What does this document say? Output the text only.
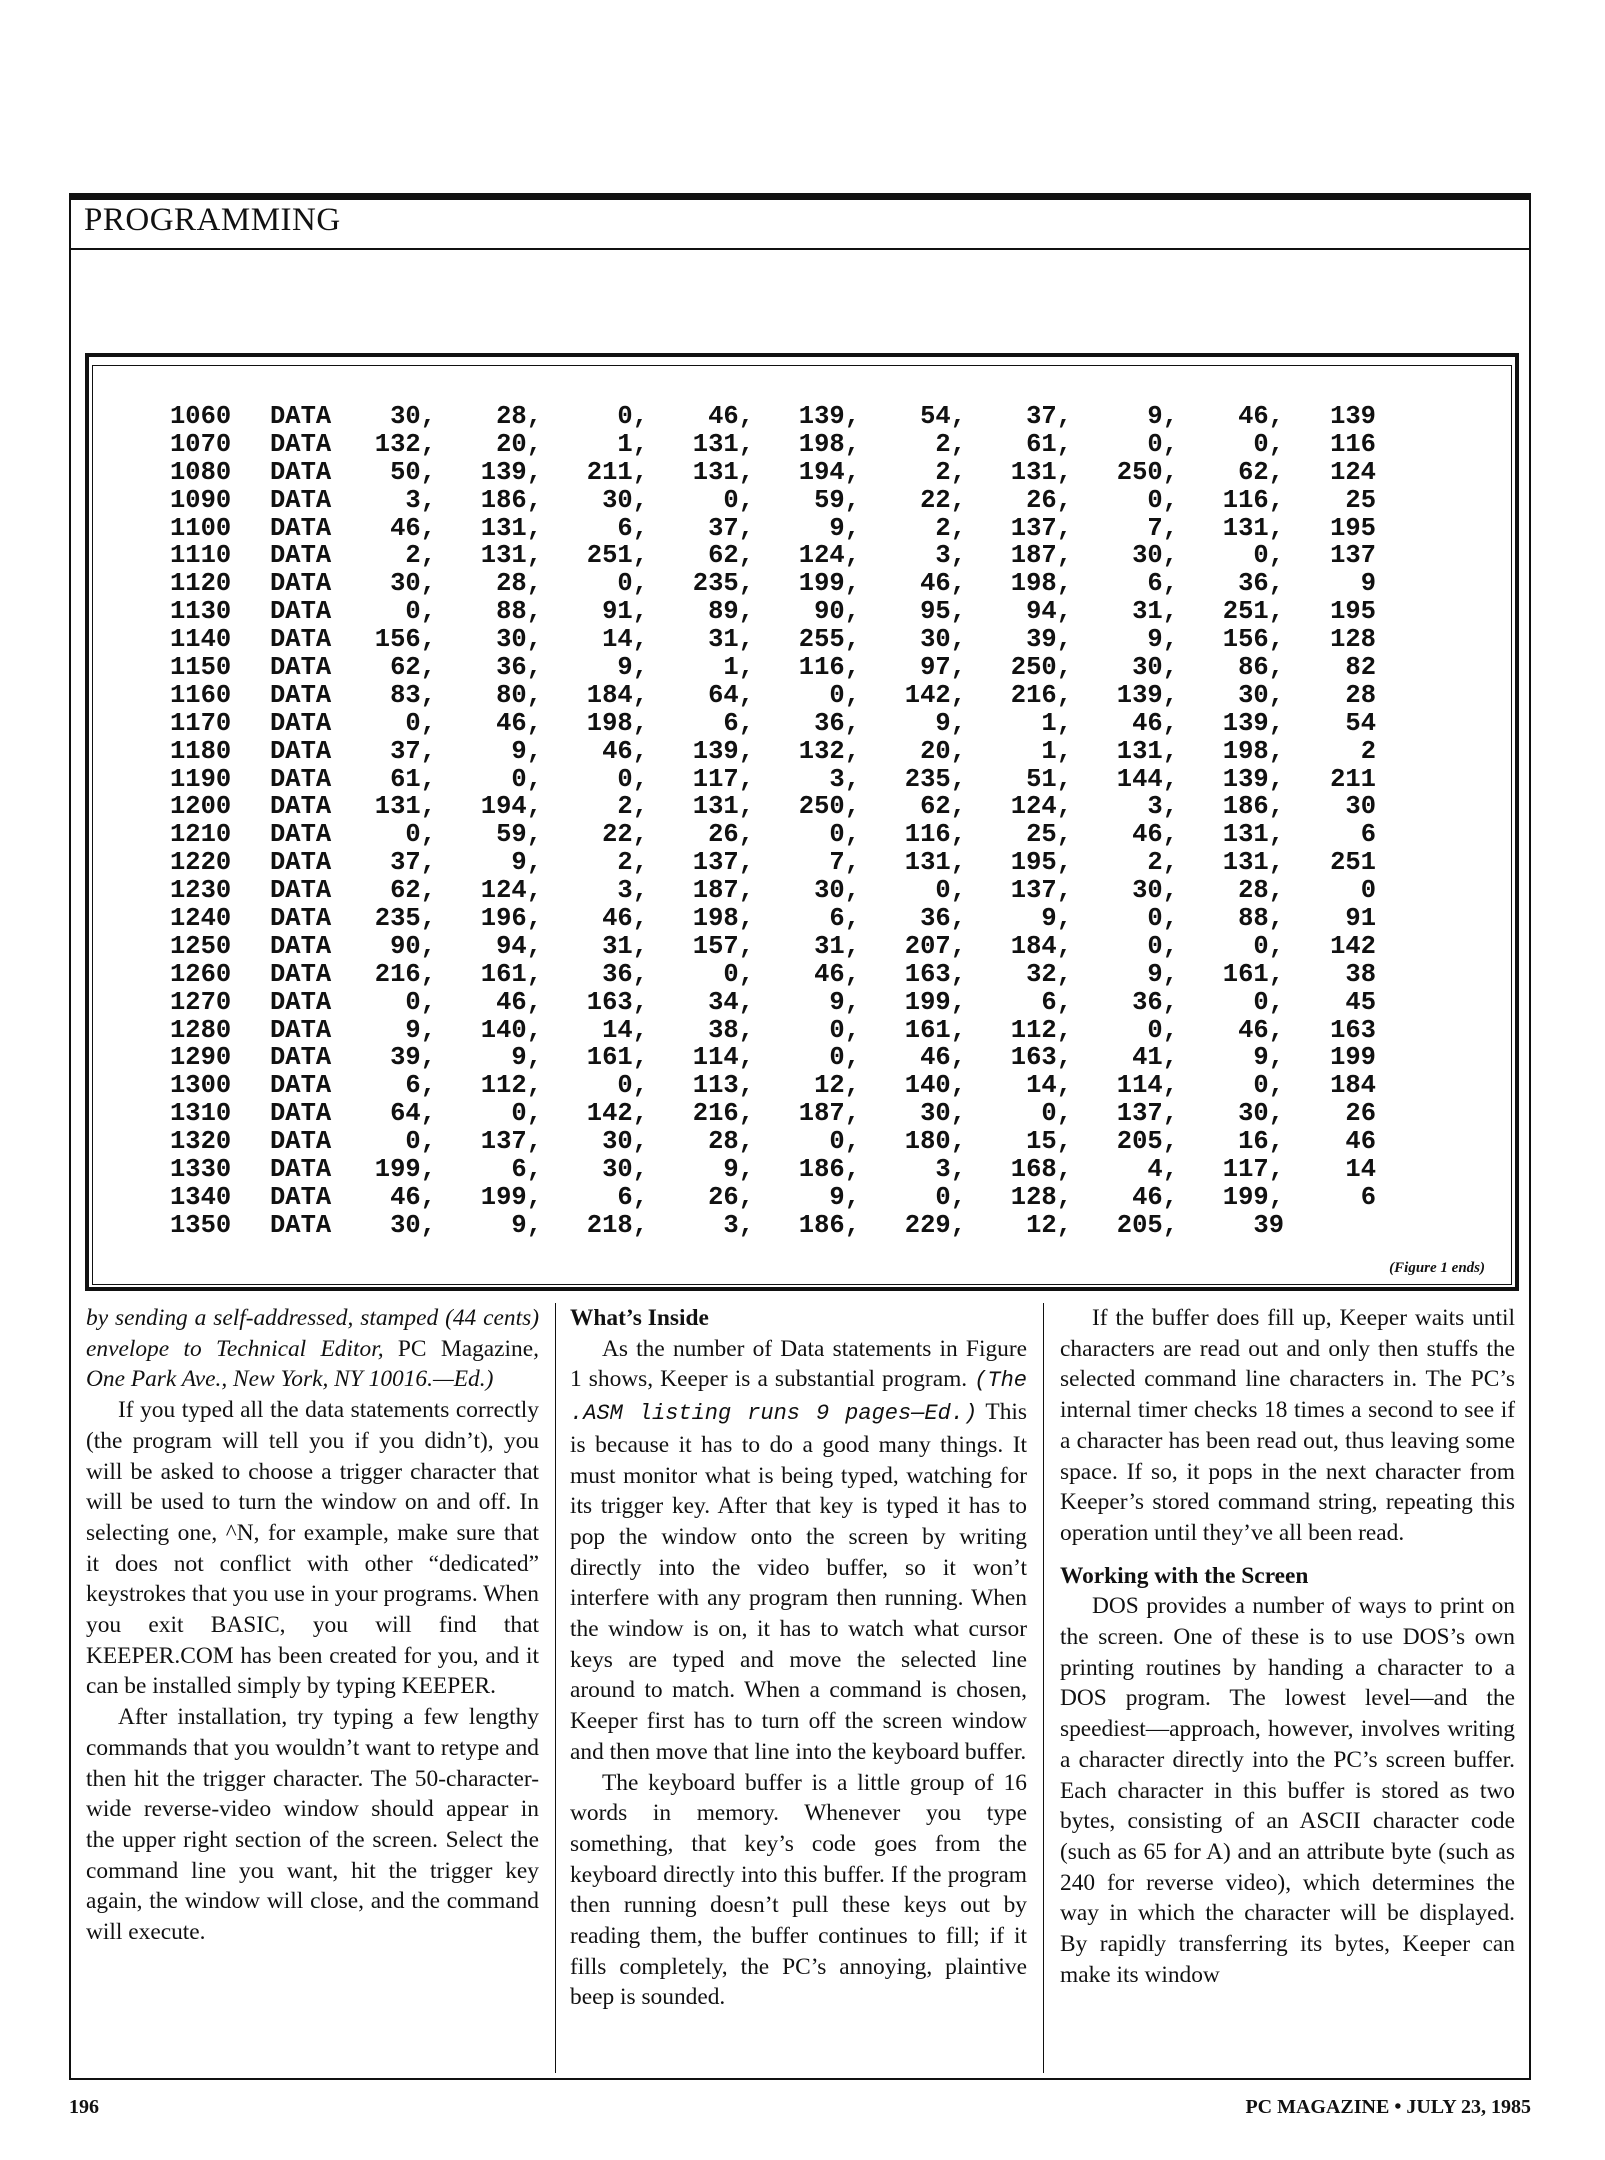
PROGRAMMING
1060	DATA	30,	28,	0,	46,	139,	54,	37,	9,	46,	139
1070	DATA	132,	20,	1,	131,	198,	2,	61,	0,	0,	116
1080	DATA	50,	139,	211,	131,	194,	2,	131,	250,	62,	124
1090	DATA	3,	186,	30,	0,	59,	22,	26,	0,	116,	25
1100	DATA	46,	131,	6,	37,	9,	2,	137,	7,	131,	195
1110	DATA	2,	131,	251,	62,	124,	3,	187,	30,	0,	137
1120	DATA	30,	28,	0,	235,	199,	46,	198,	6,	36,	9
1130	DATA	0,	88,	91,	89,	90,	95,	94,	31,	251,	195
1140	DATA	156,	30,	14,	31,	255,	30,	39,	9,	156,	128
1150	DATA	62,	36,	9,	1,	116,	97,	250,	30,	86,	82
1160	DATA	83,	80,	184,	64,	0,	142,	216,	139,	30,	28
1170	DATA	0,	46,	198,	6,	36,	9,	1,	46,	139,	54
1180	DATA	37,	9,	46,	139,	132,	20,	1,	131,	198,	2
1190	DATA	61,	0,	0,	117,	3,	235,	51,	144,	139,	211
1200	DATA	131,	194,	2,	131,	250,	62,	124,	3,	186,	30
1210	DATA	0,	59,	22,	26,	0,	116,	25,	46,	131,	6
1220	DATA	37,	9,	2,	137,	7,	131,	195,	2,	131,	251
1230	DATA	62,	124,	3,	187,	30,	0,	137,	30,	28,	0
1240	DATA	235,	196,	46,	198,	6,	36,	9,	0,	88,	91
1250	DATA	90,	94,	31,	157,	31,	207,	184,	0,	0,	142
1260	DATA	216,	161,	36,	0,	46,	163,	32,	9,	161,	38
1270	DATA	0,	46,	163,	34,	9,	199,	6,	36,	0,	45
1280	DATA	9,	140,	14,	38,	0,	161,	112,	0,	46,	163
1290	DATA	39,	9,	161,	114,	0,	46,	163,	41,	9,	199
1300	DATA	6,	112,	0,	113,	12,	140,	14,	114,	0,	184
1310	DATA	64,	0,	142,	216,	187,	30,	0,	137,	30,	26
1320	DATA	0,	137,	30,	28,	0,	180,	15,	205,	16,	46
1330	DATA	199,	6,	30,	9,	186,	3,	168,	4,	117,	14
1340	DATA	46,	199,	6,	26,	9,	0,	128,	46,	199,	6
1350	DATA	30,	9,	218,	3,	186,	229,	12,	205,	39
(Figure 1 ends)

by sending a self-addressed, stamped (44 cents) envelope to Technical Editor, PC Magazine, One Park Ave., New York, NY 10016.—Ed.)

If you typed all the data statements correctly (the program will tell you if you didn’t), you will be asked to choose a trigger character that will be used to turn the window on and off. In selecting one, ^N, for example, make sure that it does not conflict with other “dedicated” keystrokes that you use in your programs. When you exit BASIC, you will find that KEEPER.COM has been created for you, and it can be installed simply by typing KEEPER.

After installation, try typing a few lengthy commands that you wouldn’t want to retype and then hit the trigger character. The 50-character-wide reverse-video window should appear in the upper right section of the screen. Select the command line you want, hit the trigger key again, the window will close, and the command will execute.

What’s Inside

As the number of Data statements in Figure 1 shows, Keeper is a substantial program. (The .ASM listing runs 9 pages—Ed.) This is because it has to do a good many things. It must monitor what is being typed, watching for its trigger key. After that key is typed it has to pop the window onto the screen by writing directly into the video buffer, so it won’t interfere with any program then running. When the window is on, it has to watch what cursor keys are typed and move the selected line around to match. When a command is chosen, Keeper first has to turn off the screen window and then move that line into the keyboard buffer.

The keyboard buffer is a little group of 16 words in memory. Whenever you type something, that key’s code goes from the keyboard directly into this buffer. If the program then running doesn’t pull these keys out by reading them, the buffer continues to fill; if it fills completely, the PC’s annoying, plaintive beep is sounded.

If the buffer does fill up, Keeper waits until characters are read out and only then stuffs the selected command line characters in. The PC’s internal timer checks 18 times a second to see if a character has been read out, thus leaving some space. If so, it pops in the next character from Keeper’s stored command string, repeating this operation until they’ve all been read.

Working with the Screen

DOS provides a number of ways to print on the screen. One of these is to use DOS’s own printing routines by handing a character to a DOS program. The lowest level—and the speediest—approach, however, involves writing a character directly into the PC’s screen buffer. Each character in this buffer is stored as two bytes, consisting of an ASCII character code (such as 65 for A) and an attribute byte (such as 240 for reverse video), which determines the way in which the character will be displayed. By rapidly transferring its bytes, Keeper can make its window

196	PC MAGAZINE • JULY 23, 1985
